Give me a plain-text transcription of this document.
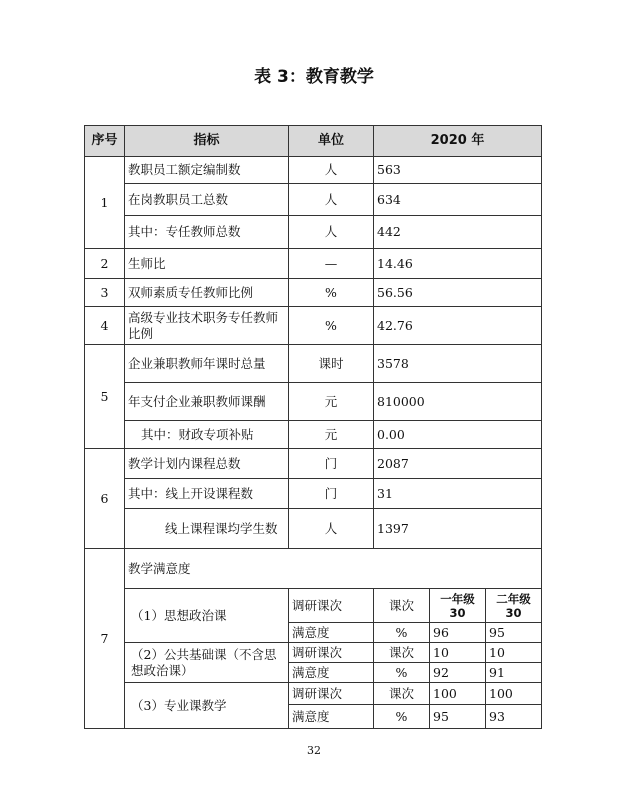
表 3：教育教学
序号	指标	单位	2020 年		
1	教职员工额定编制数	人	563		
	在岗教职员工总数	人	634		
	其中：专任教师总数	人	442		
2	生师比	—	14.46		
3	双师素质专任教师比例	%	56.56		
4	高级专业技术职务专任教师比例	%	42.76		
5	企业兼职教师年课时总量	课时	3578		
	年支付企业兼职教师课酬	元	810000		
	其中：财政专项补贴	元	0.00		
6	教学计划内课程总数	门	2087		
	其中：线上开设课程数	门	31		
	线上课程课均学生数	人	1397		
7	教学满意度				
	（1）思想政治课	调研课次	课次	一年级30	二年级30
		满意度	%	96	95
	（2）公共基础课（不含思想政治课）	调研课次	课次	10	10
		满意度	%	92	91
	（3）专业课教学	调研课次	课次	100	100
		满意度	%	95	93
32
